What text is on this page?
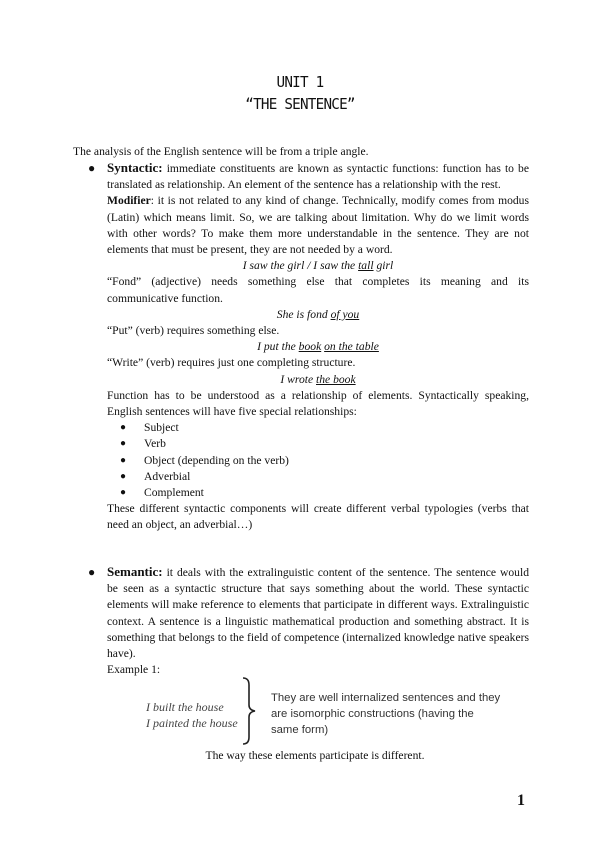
UNIT 1
“THE SENTENCE”
The analysis of the English sentence will be from a triple angle.
● Syntactic: immediate constituents are known as syntactic functions: function has to be translated as relationship. An element of the sentence has a relationship with the rest.

Modifier: it is not related to any kind of change. Technically, modify comes from modus (Latin) which means limit. So, we are talking about limitation. Why do we limit words with other words? To make them more understandable in the sentence. They are not elements that must be present, they are not needed by a word.

I saw the girl / I saw the tall girl

“Fond” (adjective) needs something else that completes its meaning and its communicative function.

She is fond of you

“Put” (verb) requires something else.

I put the book on the table

“Write” (verb) requires just one completing structure.

I wrote the book

Function has to be understood as a relationship of elements. Syntactically speaking, English sentences will have five special relationships:

● Subject
● Verb
● Object (depending on the verb)
● Adverbial
● Complement

These different syntactic components will create different verbal typologies (verbs that need an object, an adverbial…)

● Semantic: it deals with the extralinguistic content of the sentence. The sentence would be seen as a syntactic structure that says something about the world. These syntactic elements will make reference to elements that participate in different ways. Extralinguistic context. A sentence is a linguistic mathematical production and something abstract. It is something that belongs to the field of competence (internalized knowledge native speakers have).

Example 1:

I built the house
I painted the house
They are well internalized sentences and they are isomorphic constructions (having the same form)
The way these elements participate is different.
1
